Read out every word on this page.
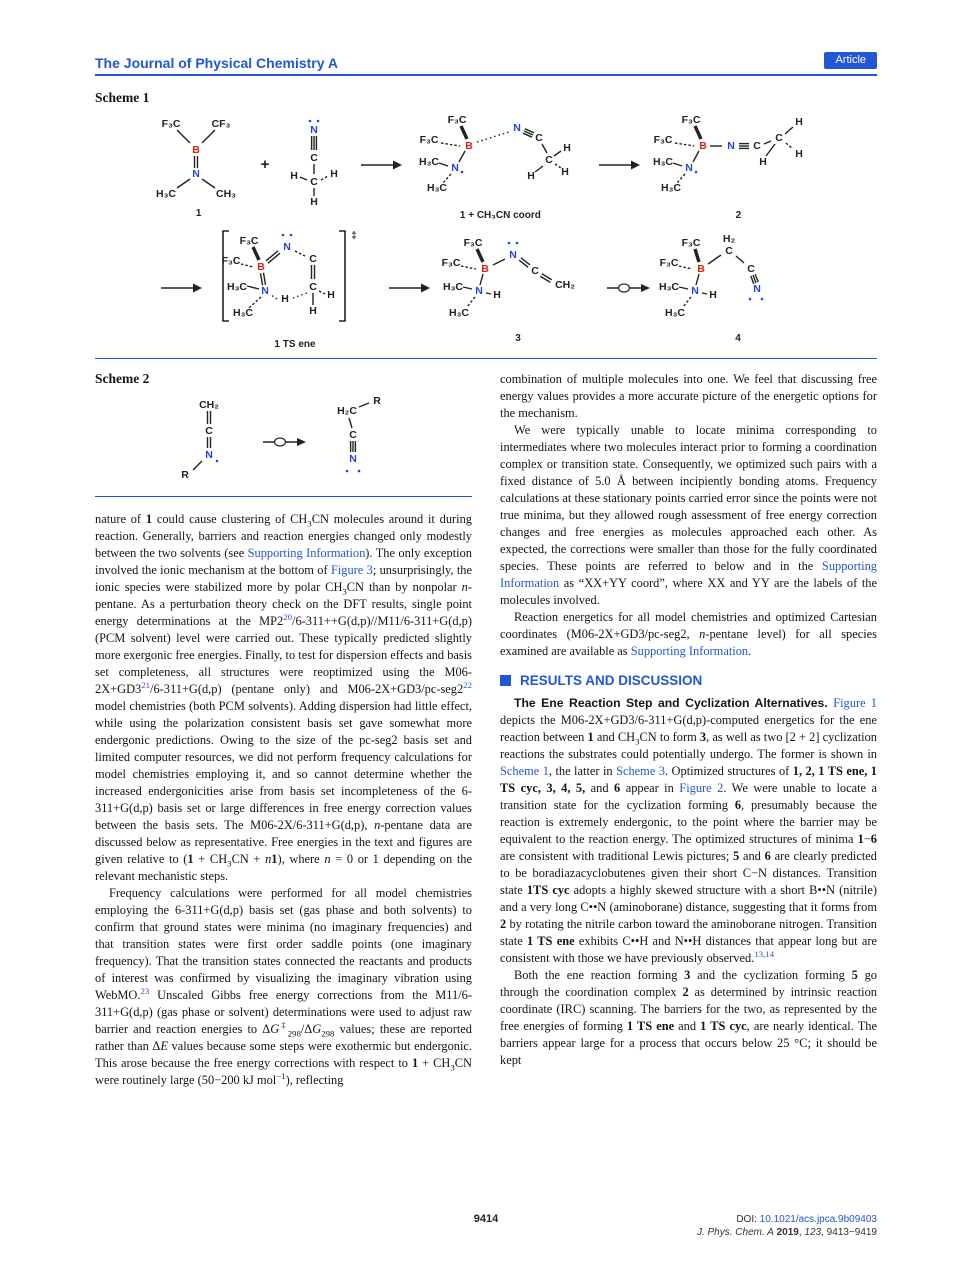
The Journal of Physical Chemistry A	Article
Scheme 1
F₃C	CF₃
B
N
H₃C	CH₃
1
+
N
C
C
H	H
H
F₃C
F₃C	B
N
C
C
H
H	H
N
H₃C
H₃C
1 + CH₃CN coord
F₃C
F₃C	B N C
C
H
H
H
N
H₃C
H₃C
2
F₃C
F₃C B
N
C
C
H
H
H
N
H₃C
H₃C
‡
1 TS ene
F₃C
F₃C B
N
C
CH₂
N H
H₃C
H₃C
3
F₃C H₂
F₃C B
C
C
N
N H
H₃C
H₃C
4
Scheme 2
CH₂
C
N
R
H₂C
R
C
N

nature of 1 could cause clustering of $CH_3CN$ molecules around it during reaction. Generally, barriers and reaction energies changed only modestly between the two solvents (see Supporting Information). The only exception involved the ionic mechanism at the bottom of Figure 3; unsurprisingly, the ionic species were stabilized more by polar $CH_3CN$ than by nonpolar n-pentane. As a perturbation theory check on the DFT results, single point energy determinations at the $MP2^{20}/6-311++G(d,p)//M11/6-311+G(d,p)$ (PCM solvent) level were carried out. These typically predicted slightly more exergonic free energies. Finally, to test for dispersion effects and basis set completeness, all structures were reoptimized using the $M06-2X+GD3^{21}/6-311+G(d,p)$ (pentane only) and $M06-2X+GD3/pc-seg2^{22}$ model chemistries (both PCM solvents). Adding dispersion had little effect, while using the polarization consistent basis set gave somewhat more endergonic predictions. Owing to the size of the pc-seg2 basis set and limited computer resources, we did not perform frequency calculations for model chemistries employing it, and so cannot determine whether the increased endergonicities arise from basis set incompleteness of the 6-311+G(d,p) basis set or large differences in free energy correction values between the basis sets. The M06-2X/6-311+G(d,p), n-pentane data are discussed below as representative. Free energies in the text and figures are given relative to $(1 + CH_3CN + n1)$, where n = 0 or 1 depending on the relevant mechanistic steps.

Frequency calculations were performed for all model chemistries employing the 6-311+G(d,p) basis set (gas phase and both solvents) to confirm that ground states were minima (no imaginary frequencies) and that transition states were first order saddle points (one imaginary frequency). That the transition states connected the reactants and products of interest was confirmed by visualizing the imaginary vibration using WebMO.$^{23}$ Unscaled Gibbs free energy corrections from the M11/6-311+G(d,p) (gas phase or solvent) determinations were used to adjust raw barrier and reaction energies to $\Delta G^\ddagger_{298}/\Delta G_{298}$ values; these are reported rather than ΔE values because some steps were exothermic but endergonic. This arose because the free energy corrections with respect to $1 + CH_3CN$ were routinely large (50−200 kJ mol$^{-1}$), reflecting

combination of multiple molecules into one. We feel that discussing free energy values provides a more accurate picture of the energetic options for the mechanism.

We were typically unable to locate minima corresponding to intermediates where two molecules interact prior to forming a coordination complex or transition state. Consequently, we optimized such pairs with a fixed distance of 5.0 Å between incipiently bonding atoms. Frequency calculations at these stationary points carried error since the points were not true minima, but they allowed rough assessment of free energy correction changes and free energies as molecules approached each other. As expected, the corrections were smaller than those for the fully coordinated species. These points are referred to below and in the Supporting Information as “XX+YY coord”, where XX and YY are the labels of the molecules involved.

Reaction energetics for all model chemistries and optimized Cartesian coordinates (M06-2X+GD3/pc-seg2, n-pentane level) for all species examined are available as Supporting Information.

RESULTS AND DISCUSSION

The Ene Reaction Step and Cyclization Alternatives. Figure 1 depicts the M06-2X+GD3/6-311+G(d,p)-computed energetics for the ene reaction between 1 and $CH_3CN$ to form 3, as well as two [2 + 2] cyclization reactions the substrates could potentially undergo. The former is shown in Scheme 1, the latter in Scheme 3. Optimized structures of 1, 2, 1 TS ene, 1 TS cyc, 3, 4, 5, and 6 appear in Figure 2. We were unable to locate a transition state for the cyclization forming 6, presumably because the reaction is extremely endergonic, to the point where the barrier may be equivalent to the reaction energy. The optimized structures of minima 1−6 are consistent with traditional Lewis pictures; 5 and 6 are clearly predicted to be boradiazacyclobutenes given their short C−N distances. Transition state 1TS cyc adopts a highly skewed structure with a short B••N (nitrile) and a very long C••N (aminoborane) distance, suggesting that it forms from 2 by rotating the nitrile carbon toward the aminoborane nitrogen. Transition state 1 TS ene exhibits C••H and N••H distances that appear long but are consistent with those we have previously observed.$^{13,14}$

Both the ene reaction forming 3 and the cyclization forming 5 go through the coordination complex 2 as determined by intrinsic reaction coordinate (IRC) scanning. The barriers for the two, as represented by the free energies of forming 1 TS ene and 1 TS cyc, are nearly identical. The barriers appear large for a process that occurs below 25 °C; it should be kept

9414	DOI: 10.1021/acs.jpca.9b09403
J. Phys. Chem. A 2019, 123, 9413−9419
